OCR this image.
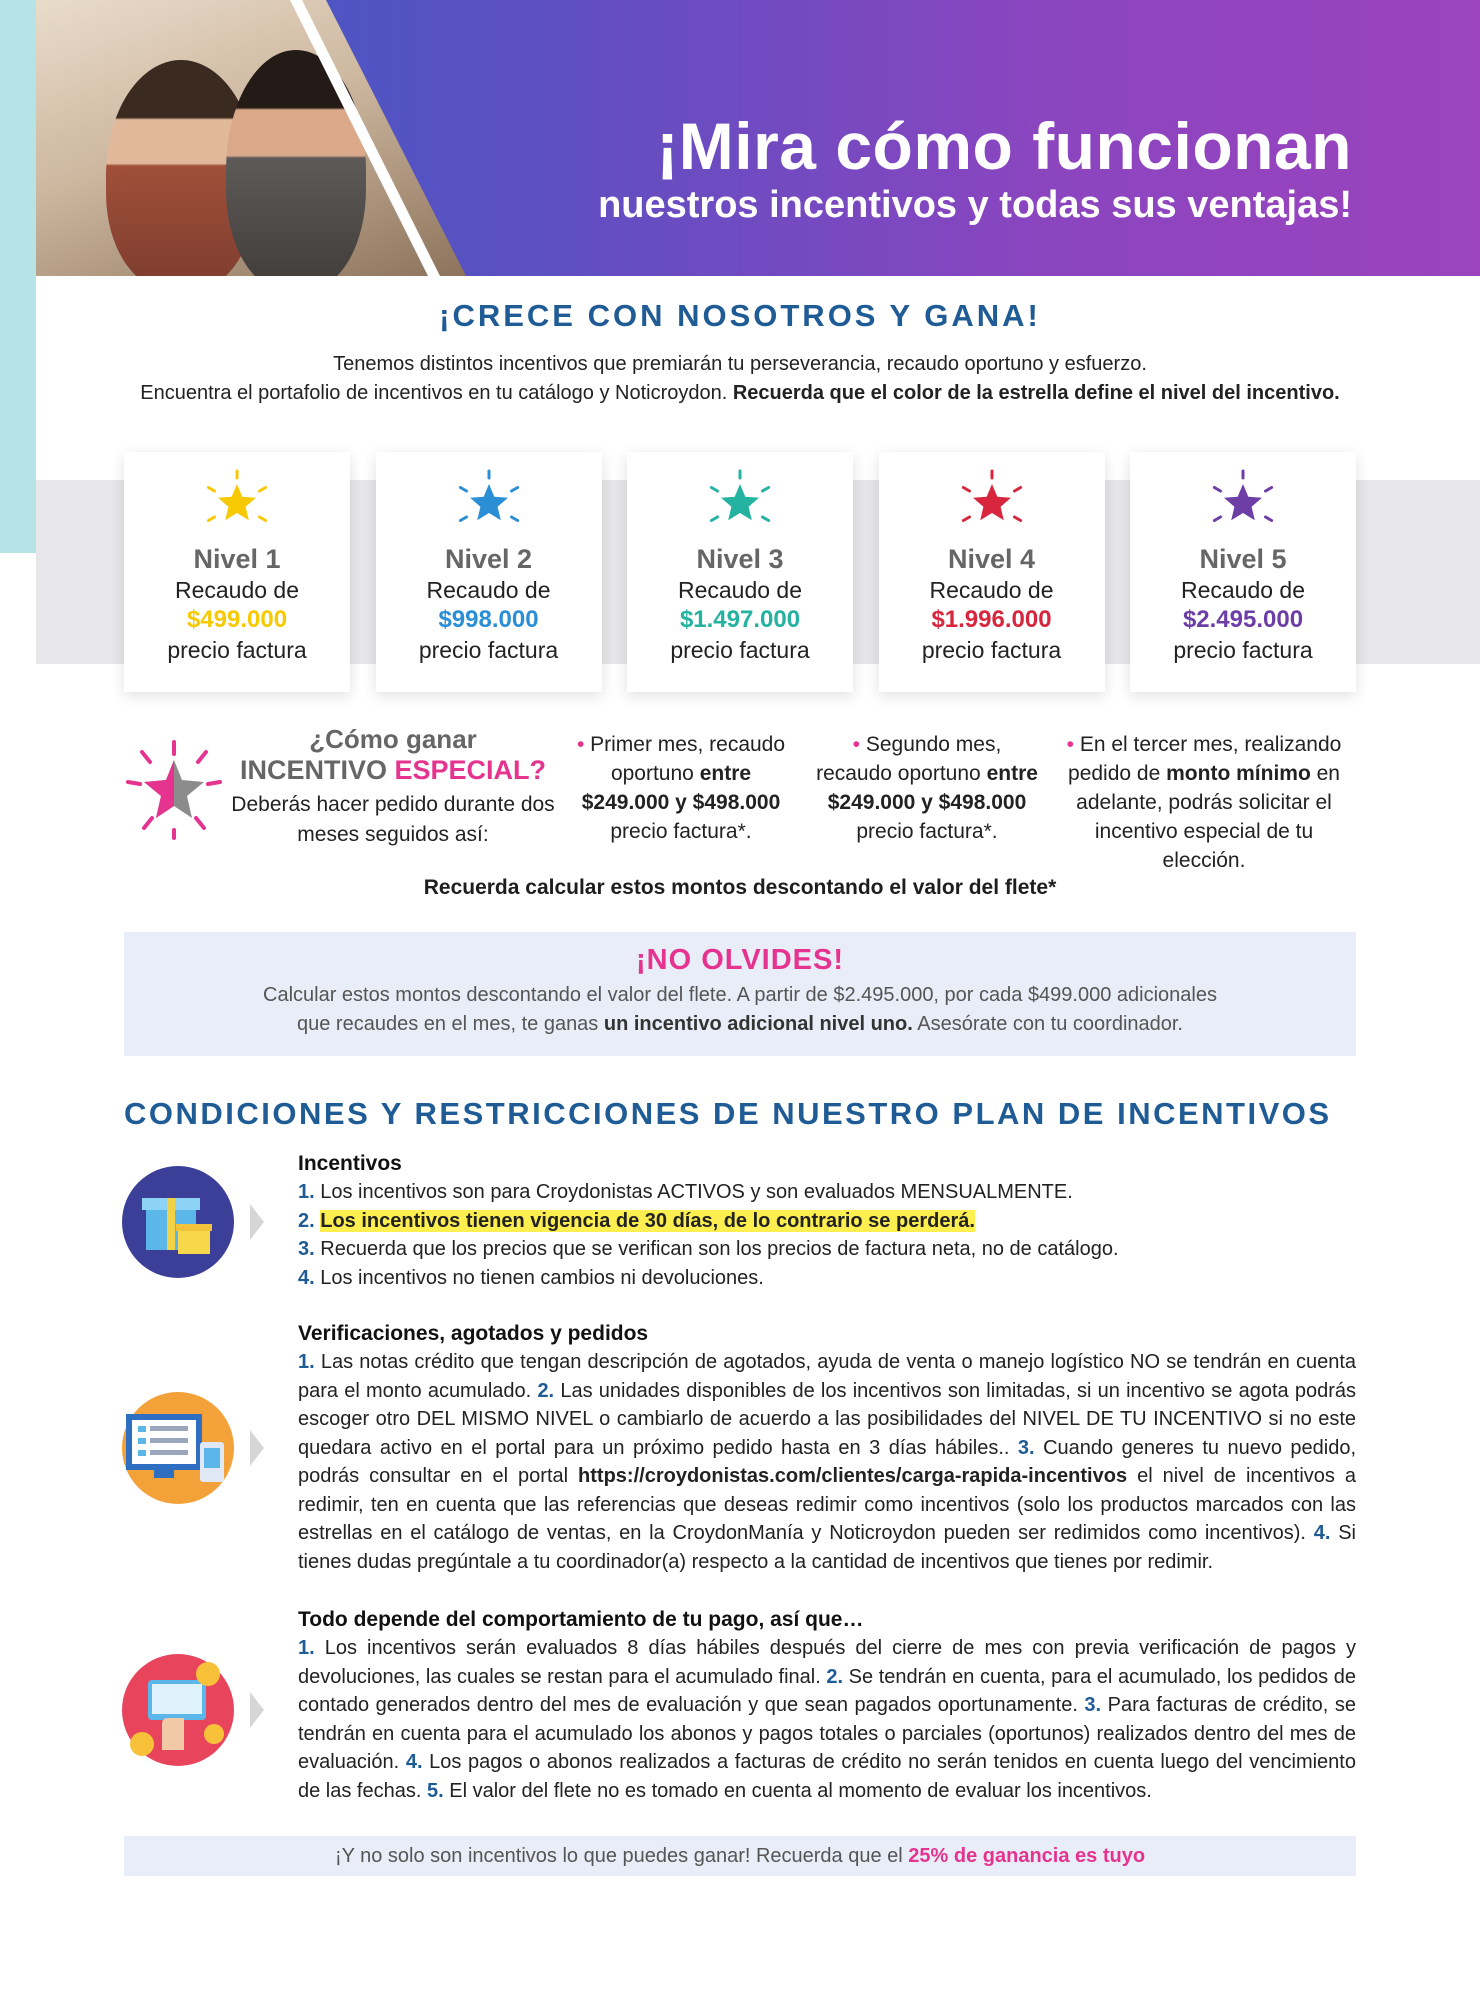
¡Mira cómo funcionan
nuestros incentivos y todas sus ventajas!
¡CRECE CON NOSOTROS Y GANA!
Tenemos distintos incentivos que premiarán tu perseverancia, recaudo oportuno y esfuerzo.
Encuentra el portafolio de incentivos en tu catálogo y Noticroydon. Recuerda que el color de la estrella define el nivel del incentivo.
Nivel 1
Recaudo de
$499.000
precio factura
Nivel 2
Recaudo de
$998.000
precio factura
Nivel 3
Recaudo de
$1.497.000
precio factura
Nivel 4
Recaudo de
$1.996.000
precio factura
Nivel 5
Recaudo de
$2.495.000
precio factura
¿Cómo ganar
INCENTIVO ESPECIAL?
Deberás hacer pedido durante dos meses seguidos así:
• Primer mes, recaudo oportuno entre
$249.000 y $498.000
precio factura*.
• Segundo mes, recaudo oportuno entre
$249.000 y $498.000
precio factura*.
• En el tercer mes, realizando pedido de monto mínimo en adelante, podrás solicitar el incentivo especial de tu elección.
Recuerda calcular estos montos descontando el valor del flete*
¡NO OLVIDES!
Calcular estos montos descontando el valor del flete. A partir de $2.495.000, por cada $499.000 adicionales
que recaudes en el mes, te ganas un incentivo adicional nivel uno. Asesórate con tu coordinador.
CONDICIONES Y RESTRICCIONES DE NUESTRO PLAN DE INCENTIVOS
Incentivos
1. Los incentivos son para Croydonistas ACTIVOS y son evaluados MENSUALMENTE.
2. Los incentivos tienen vigencia de 30 días, de lo contrario se perderá.
3. Recuerda que los precios que se verifican son los precios de factura neta, no de catálogo.
4. Los incentivos no tienen cambios ni devoluciones.
Verificaciones, agotados y pedidos
1. Las notas crédito que tengan descripción de agotados, ayuda de venta o manejo logístico NO se tendrán en cuenta para el monto acumulado. 2. Las unidades disponibles de los incentivos son limitadas, si un incentivo se agota podrás escoger otro DEL MISMO NIVEL o cambiarlo de acuerdo a las posibilidades del NIVEL DE TU INCENTIVO si no este quedara activo en el portal para un próximo pedido hasta en 3 días hábiles.. 3. Cuando generes tu nuevo pedido, podrás consultar en el portal https://croydonistas.com/clientes/carga-rapida-incentivos el nivel de incentivos a redimir, ten en cuenta que las referencias que deseas redimir como incentivos (solo los productos marcados con las estrellas en el catálogo de ventas, en la CroydonManía y Noticroydon pueden ser redimidos como incentivos). 4. Si tienes dudas pregúntale a tu coordinador(a) respecto a la cantidad de incentivos que tienes por redimir.
Todo depende del comportamiento de tu pago, así que…
1. Los incentivos serán evaluados 8 días hábiles después del cierre de mes con previa verificación de pagos y devoluciones, las cuales se restan para el acumulado final. 2. Se tendrán en cuenta, para el acumulado, los pedidos de contado generados dentro del mes de evaluación y que sean pagados oportunamente. 3. Para facturas de crédito, se tendrán en cuenta para el acumulado los abonos y pagos totales o parciales (oportunos) realizados dentro del mes de evaluación. 4. Los pagos o abonos realizados a facturas de crédito no serán tenidos en cuenta luego del vencimiento de las fechas. 5. El valor del flete no es tomado en cuenta al momento de evaluar los incentivos.
¡Y no solo son incentivos lo que puedes ganar! Recuerda que el 25% de ganancia es tuyo
